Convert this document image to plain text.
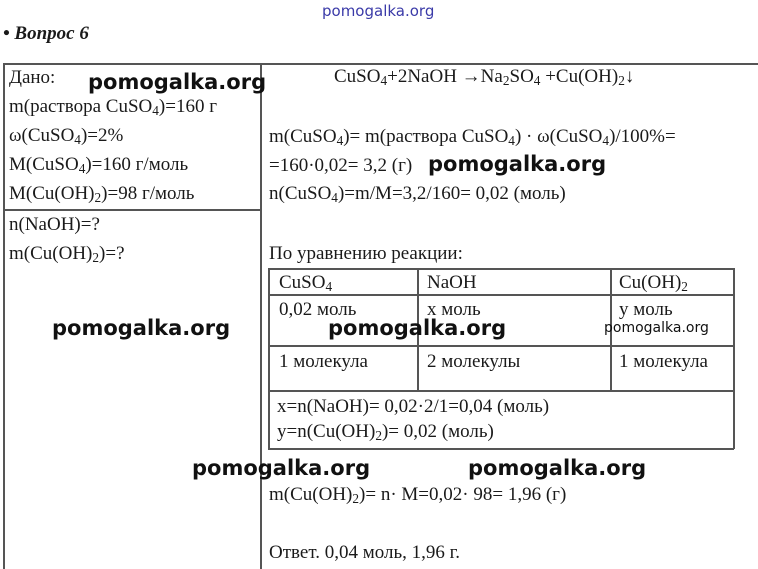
pomogalka.org
• Вопрос 6
Дано:
m(раствора CuSO$_4$)=160 г
ω(CuSO$_4$)=2%
M(CuSO$_4$)=160 г/моль
$M(Cu(OH)_2)=98$ г/моль
n(NaOH)=?
$m(Cu(OH)_2)=$?
CuSO$_4$+2NaOH $\to Na_2SO_4$ $+Cu(OH)_2↓$
m(CuSO$_4$)= m(раствора CuSO$_4$) · ω(CuSO$_4$)/100%=
=160·0,02= 3,2 (г)
n(CuSO$_4$)=m/M=3,2/160= 0,02 (моль)
По уравнению реакции:
CuSO$_4$	NaOH	$Cu(OH)_2$
0,02 моль	x моль	y моль
1 молекула	2 молекулы	1 молекула
x=n(NaOH)= 0,02·2/1=0,04 (моль)
$y=n(Cu(OH)_2)= 0,02$ (моль)
$m(Cu(OH)_2)= n\cdot M=0,02\cdot 98= 1,96$ (г)
Ответ. 0,04 моль, 1,96 г.
pomogalka.org
pomogalka.org
pomogalka.org	pomogalka.org	pomogalka.org
pomogalka.org	pomogalka.org
